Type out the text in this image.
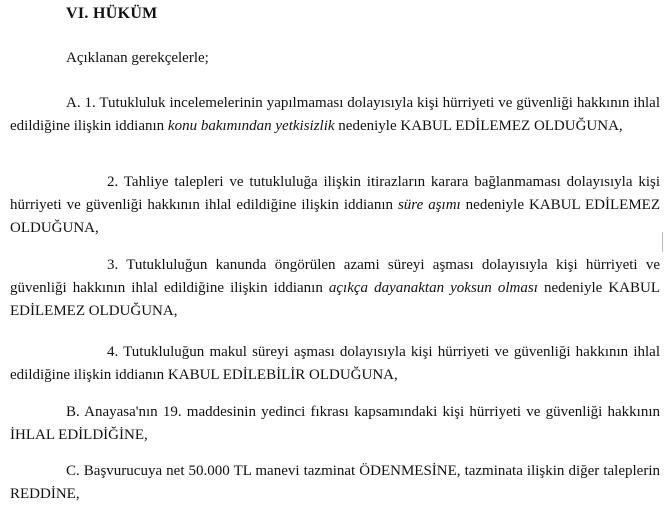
VI. HÜKÜM
Açıklanan gerekçelerle;
A. 1. Tutukluluk incelemelerinin yapılmaması dolayısıyla kişi hürriyeti ve güvenliği hakkının ihlal edildiğine ilişkin iddianın konu bakımından yetkisizlik nedeniyle KABUL EDİLEMEZ OLDUĞUNA,
2. Tahliye talepleri ve tutukluluğa ilişkin itirazların karara bağlanmaması dolayısıyla kişi hürriyeti ve güvenliği hakkının ihlal edildiğine ilişkin iddianın süre aşımı nedeniyle KABUL EDİLEMEZ OLDUĞUNA,
3. Tutukluluğun kanunda öngörülen azami süreyi aşması dolayısıyla kişi hürriyeti ve güvenliği hakkının ihlal edildiğine ilişkin iddianın açıkça dayanaktan yoksun olması nedeniyle KABUL EDİLEMEZ OLDUĞUNA,
4. Tutukluluğun makul süreyi aşması dolayısıyla kişi hürriyeti ve güvenliği hakkının ihlal edildiğine ilişkin iddianın KABUL EDİLEBİLİR OLDUĞUNA,
B. Anayasa'nın 19. maddesinin yedinci fıkrası kapsamındaki kişi hürriyeti ve güvenliği hakkının İHLAL EDİLDİĞİNE,
C. Başvurucuya net 50.000 TL manevi tazminat ÖDENMESİNE, tazminata ilişkin diğer taleplerin REDDİNE,
